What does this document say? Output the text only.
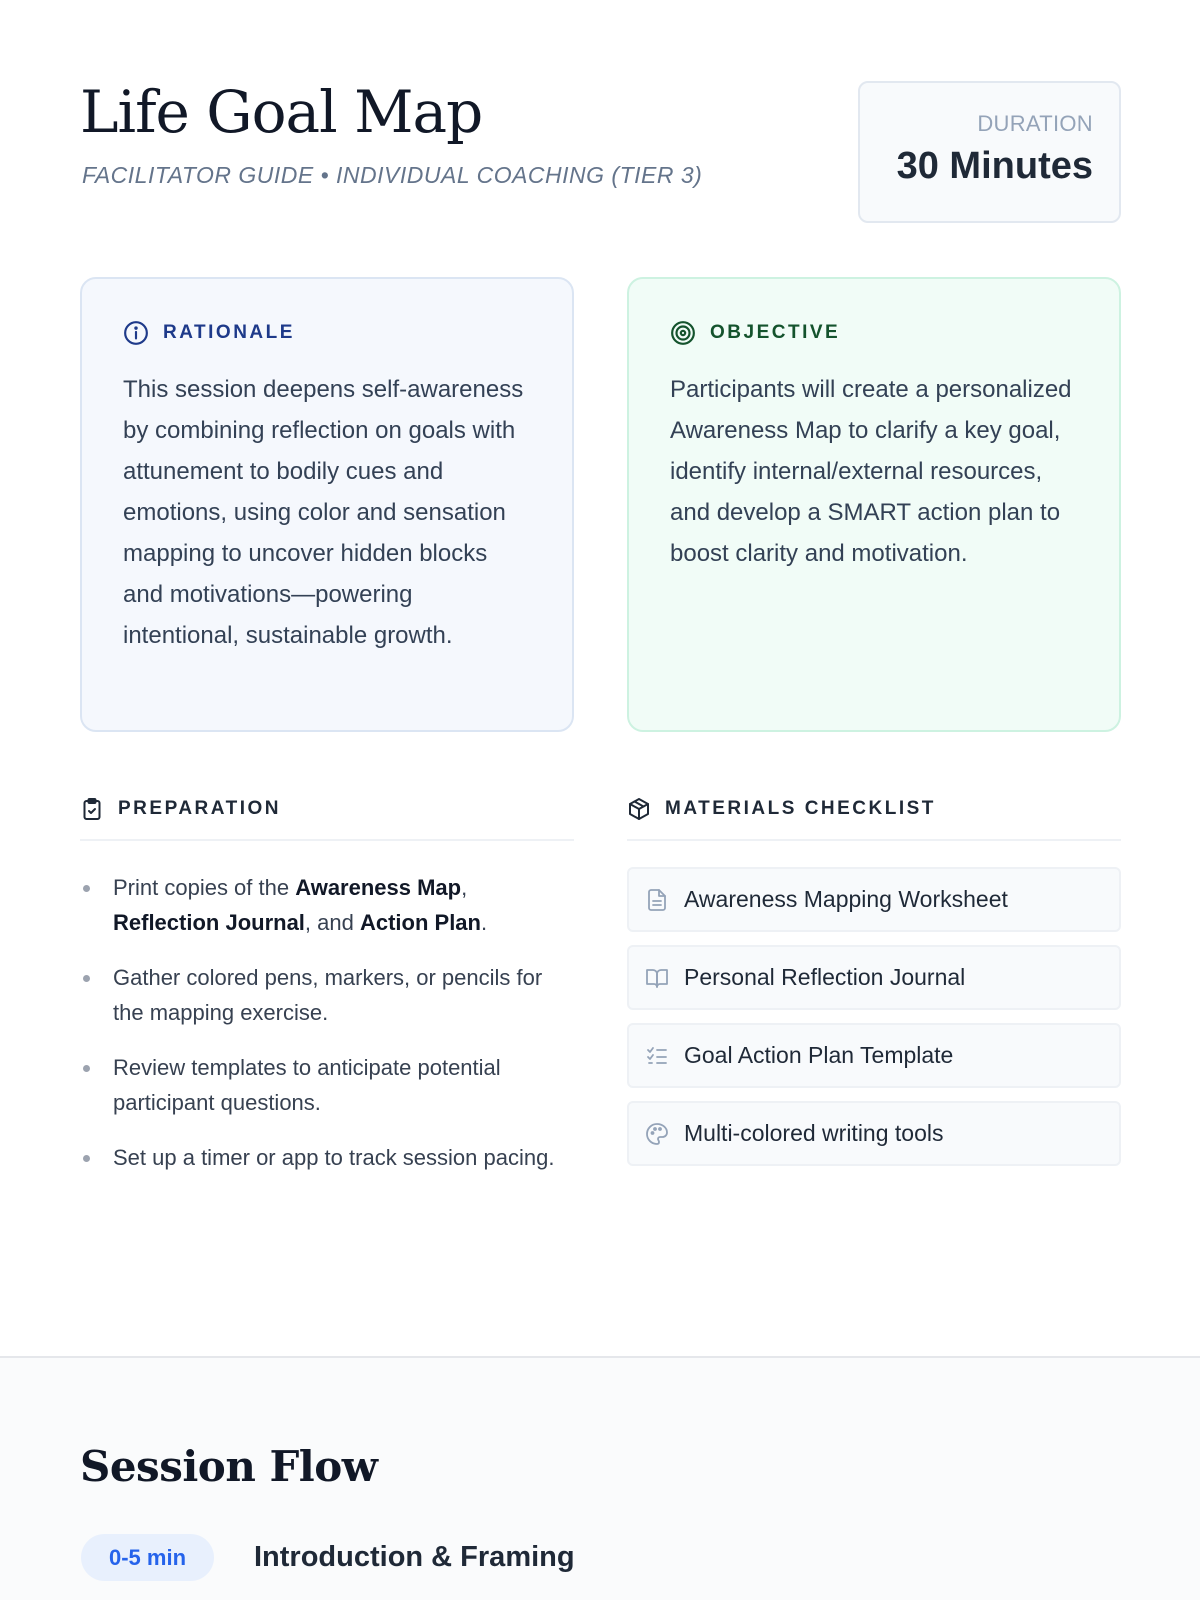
Life Goal Map
FACILITATOR GUIDE • INDIVIDUAL COACHING (TIER 3)
DURATION
30 Minutes
RATIONALE

This session deepens self-awareness by combining reflection on goals with attunement to bodily cues and emotions, using color and sensation mapping to uncover hidden blocks and motivations—powering intentional, sustainable growth.

OBJECTIVE

Participants will create a personalized Awareness Map to clarify a key goal, identify internal/external resources, and develop a SMART action plan to boost clarity and motivation.

PREPARATION
Print copies of the Awareness Map, Reflection Journal, and Action Plan.
Gather colored pens, markers, or pencils for the mapping exercise.
Review templates to anticipate potential participant questions.
Set up a timer or app to track session pacing.
MATERIALS CHECKLIST
Awareness Mapping Worksheet
Personal Reflection Journal
Goal Action Plan Template
Multi-colored writing tools
Session Flow
0-5 min	Introduction & Framing
